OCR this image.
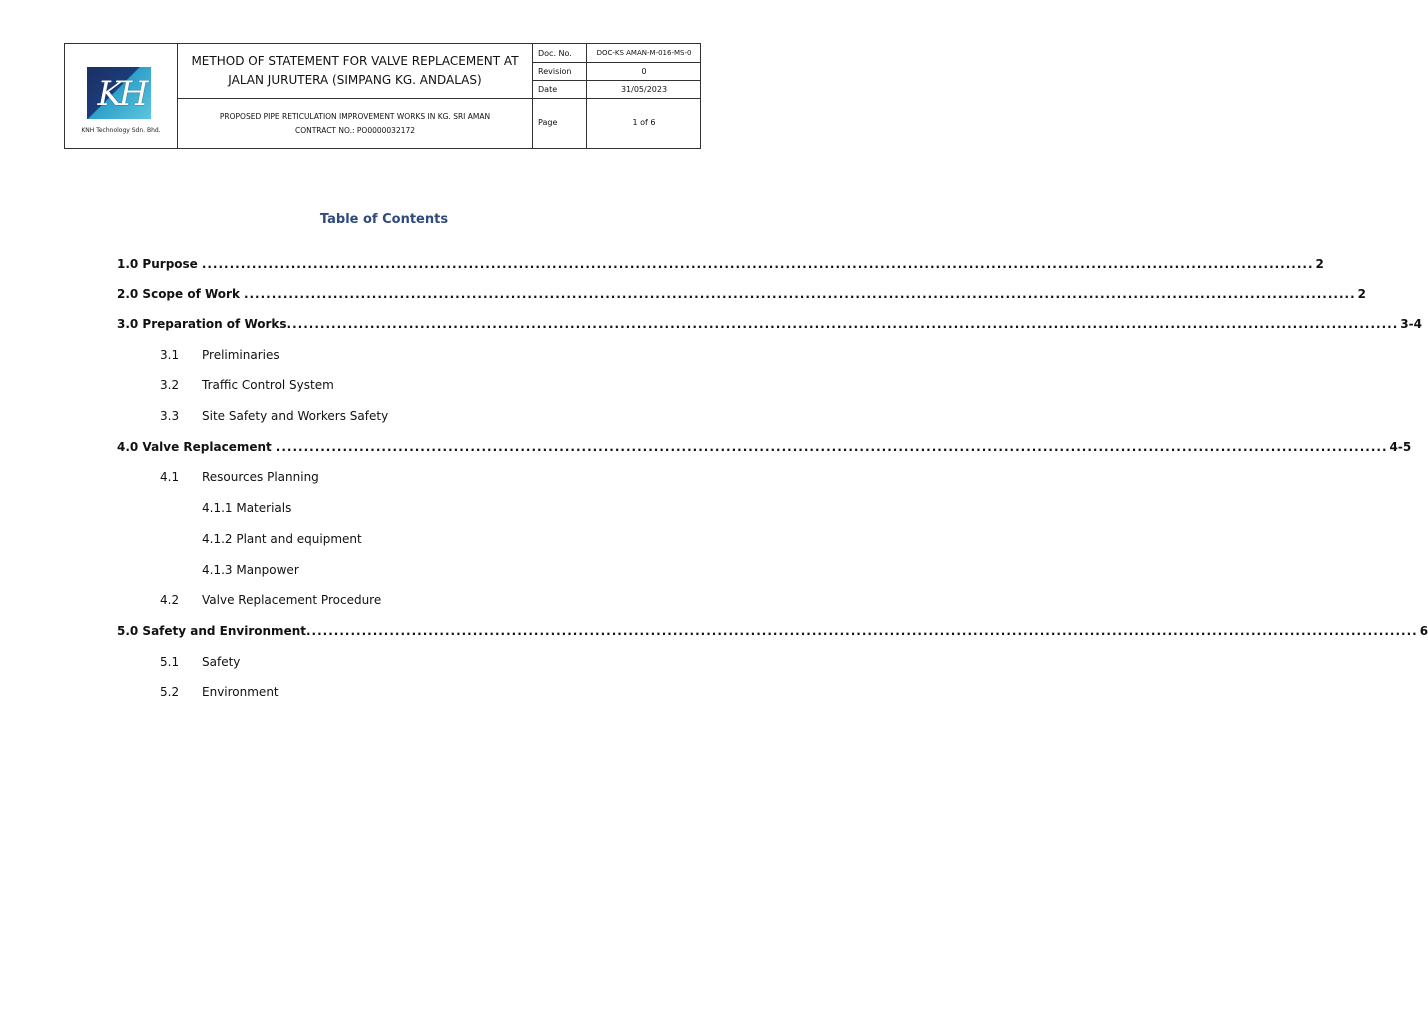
KH
KNH Technology Sdn. Bhd.
METHOD OF STATEMENT FOR VALVE REPLACEMENT AT JALAN JURUTERA (SIMPANG KG. ANDALAS)
PROPOSED PIPE RETICULATION IMPROVEMENT WORKS IN KG. SRI AMAN
CONTRACT NO.: PO0000032172
Doc. No.	DOC-KS AMAN-M-016-MS-0
Revision	0
Date	31/05/2023
Page	1 of 6
Table of Contents
1.0 Purpose ........................................................................................................................................................................................................ 2
2.0 Scope of Work ........................................................................................................................................................................................................ 2
3.0 Preparation of Works ........................................................................................................................................................................................................ 3-4
3.1 Preliminaries
3.2 Traffic Control System
3.3 Site Safety and Workers Safety
4.0 Valve Replacement ........................................................................................................................................................................................................ 4-5
4.1 Resources Planning
4.1.1 Materials
4.1.2 Plant and equipment
4.1.3 Manpower
4.2 Valve Replacement Procedure
5.0 Safety and Environment ........................................................................................................................................................................................................ 6
5.1 Safety
5.2 Environment
